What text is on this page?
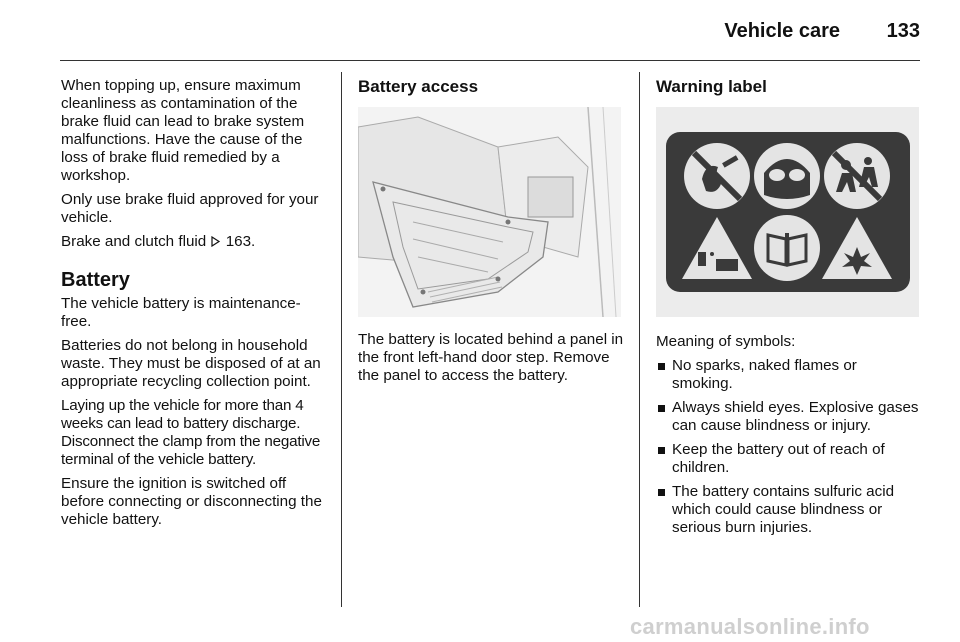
Vehicle care 133

When topping up, ensure maximum cleanliness as contamination of the brake fluid can lead to brake system malfunctions. Have the cause of the loss of brake fluid remedied by a workshop.

Only use brake fluid approved for your vehicle.

Brake and clutch fluid 163.

Battery

The vehicle battery is maintenance-free.

Batteries do not belong in household waste. They must be disposed of at an appropriate recycling collection point.

Laying up the vehicle for more than 4 weeks can lead to battery discharge. Disconnect the clamp from the negative terminal of the vehicle battery.

Ensure the ignition is switched off before connecting or disconnecting the vehicle battery.

Battery access

The battery is located behind a panel in the front left-hand door step. Remove the panel to access the battery.

Warning label

Meaning of symbols:

No sparks, naked flames or smoking.
Always shield eyes. Explosive gases can cause blindness or injury.
Keep the battery out of reach of children.
The battery contains sulfuric acid which could cause blindness or serious burn injuries.
carmanualsonline.info
